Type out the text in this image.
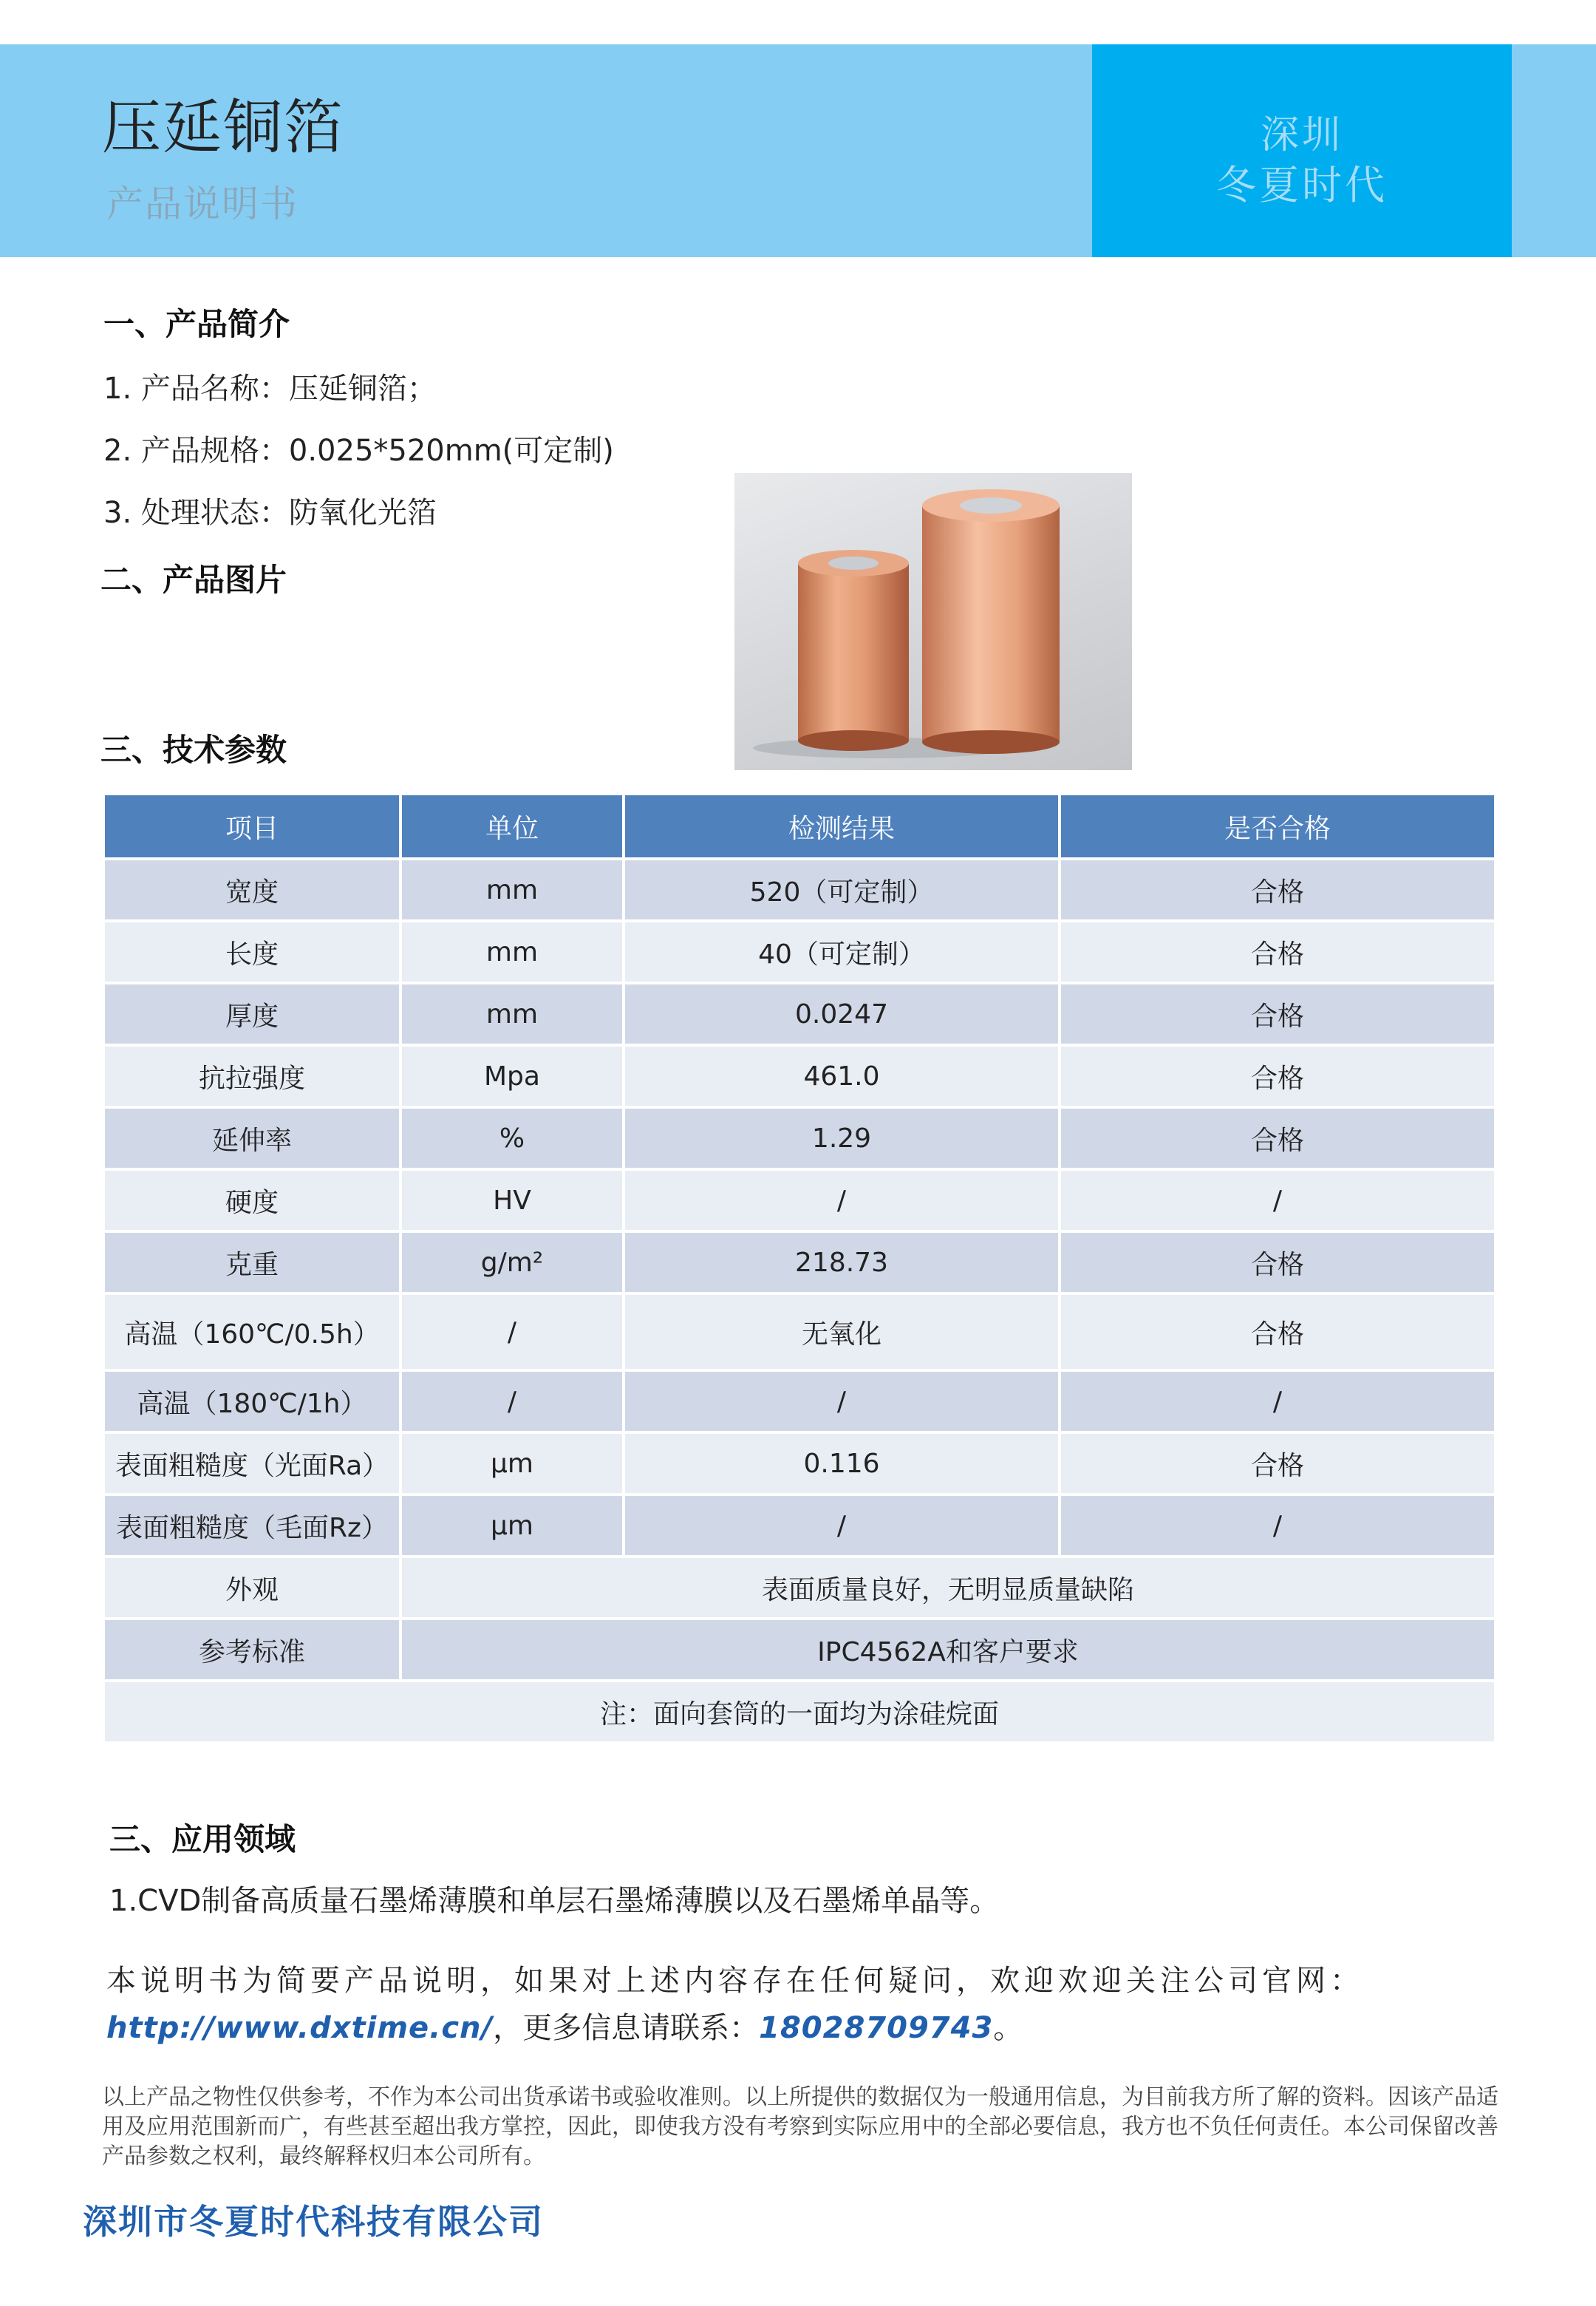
压延铜箔
产品说明书
深圳
冬夏时代
一、产品简介
1. 产品名称：压延铜箔；
2. 产品规格：0.025*520mm(可定制)
3. 处理状态：防氧化光箔
二、产品图片
三、技术参数
项目	单位	检测结果	是否合格
宽度	mm	520（可定制）	合格
长度	mm	40（可定制）	合格
厚度	mm	0.0247	合格
抗拉强度	Mpa	461.0	合格
延伸率	%	1.29	合格
硬度	HV	/	/
克重	g/m²	218.73	合格
高温（160℃/0.5h）	/	无氧化	合格
高温（180℃/1h）	/	/	/
表面粗糙度（光面Ra）	μm	0.116	合格
表面粗糙度（毛面Rz）	μm	/	/
外观	表面质量良好，无明显质量缺陷		
参考标准	IPC4562A和客户要求		
注：面向套筒的一面均为涂硅烷面			
三、应用领域
1.CVD制备高质量石墨烯薄膜和单层石墨烯薄膜以及石墨烯单晶等。
本说明书为简要产品说明，如果对上述内容存在任何疑问，欢迎欢迎关注公司官网：
http://www.dxtime.cn/，更多信息请联系：18028709743。
以上产品之物性仅供参考，不作为本公司出货承诺书或验收准则。以上所提供的数据仅为一般通用信息，为目前我方所了解的资料。因该产品适用及应用范围新而广，有些甚至超出我方掌控，因此，即使我方没有考察到实际应用中的全部必要信息，我方也不负任何责任。本公司保留改善产品参数之权利，最终解释权归本公司所有。
深圳市冬夏时代科技有限公司
